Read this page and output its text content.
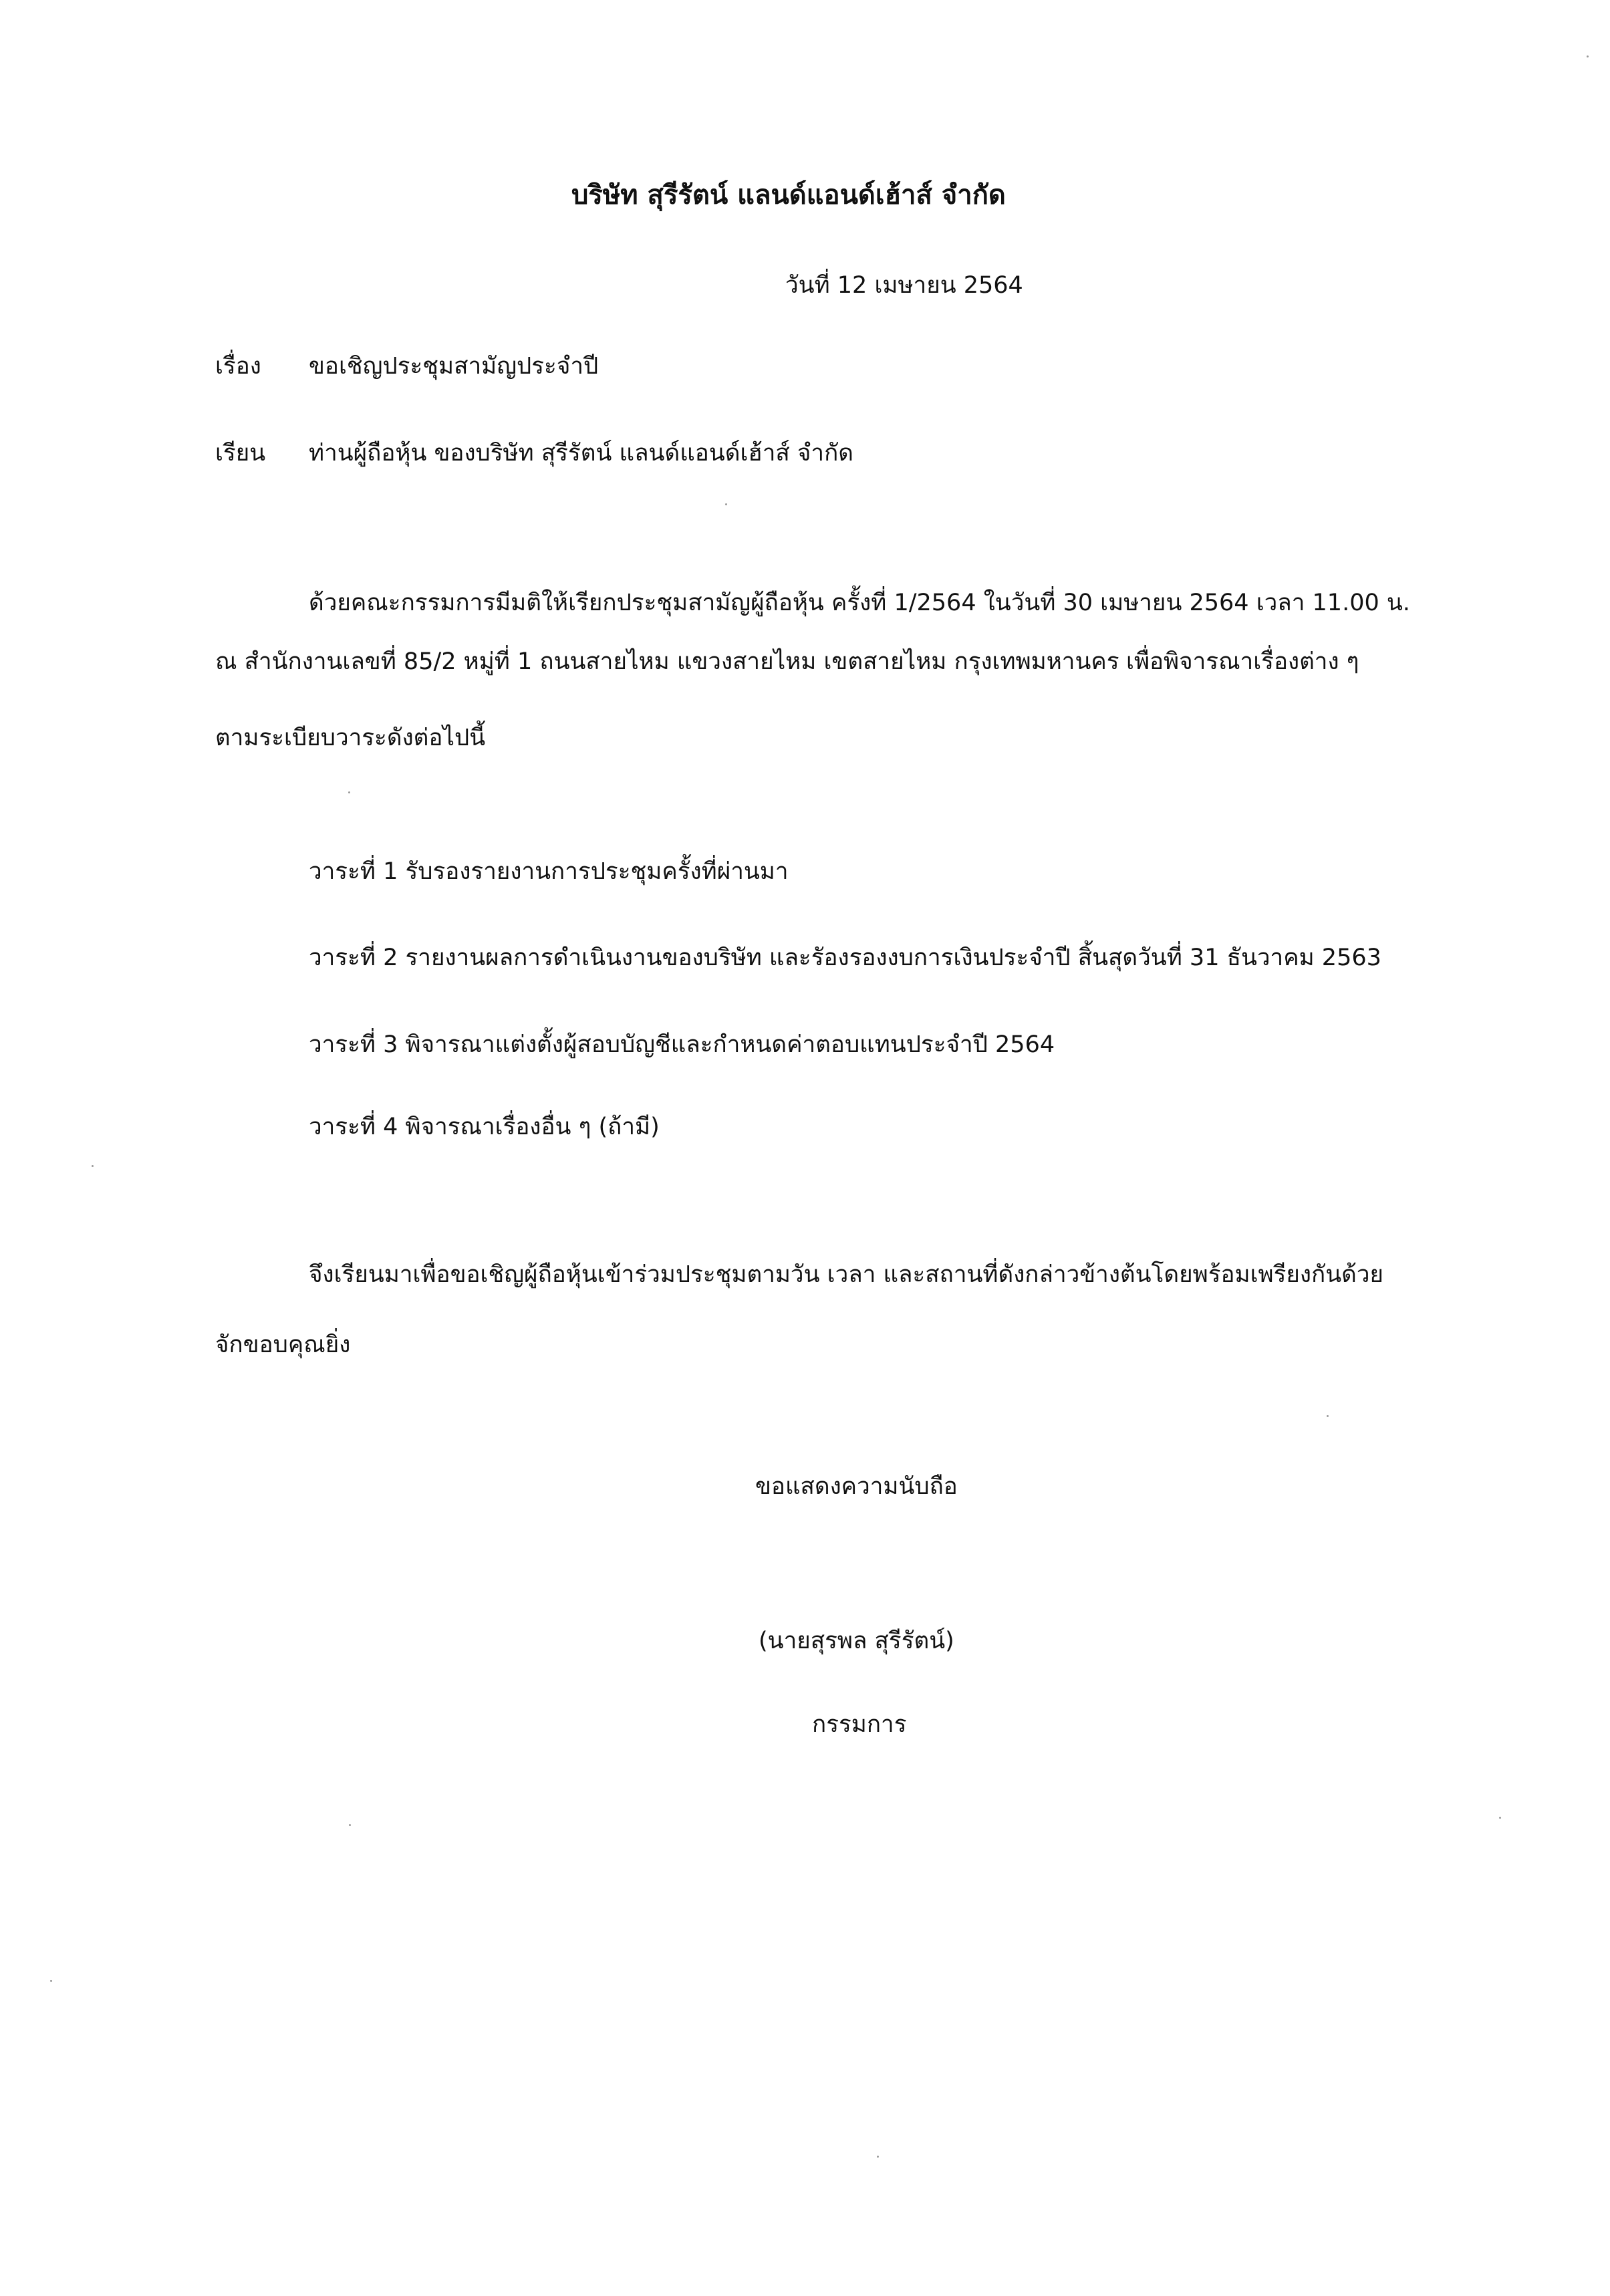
บริษัท สุรีรัตน์ แลนด์แอนด์เฮ้าส์ จำกัด
วันที่ 12 เมษายน 2564
เรื่อง ขอเชิญประชุมสามัญประจำปี
เรียน ท่านผู้ถือหุ้น ของบริษัท สุรีรัตน์ แลนด์แอนด์เฮ้าส์ จำกัด
ด้วยคณะกรรมการมีมติให้เรียกประชุมสามัญผู้ถือหุ้น ครั้งที่ 1/2564 ในวันที่ 30 เมษายน 2564 เวลา 11.00 น.
ณ สำนักงานเลขที่ 85/2 หมู่ที่ 1 ถนนสายไหม แขวงสายไหม เขตสายไหม กรุงเทพมหานคร เพื่อพิจารณาเรื่องต่าง ๆ
ตามระเบียบวาระดังต่อไปนี้
วาระที่ 1 รับรองรายงานการประชุมครั้งที่ผ่านมา
วาระที่ 2 รายงานผลการดำเนินงานของบริษัท และรัองรองงบการเงินประจำปี สิ้นสุดวันที่ 31 ธันวาคม 2563
วาระที่ 3 พิจารณาแต่งตั้งผู้สอบบัญชีและกำหนดค่าตอบแทนประจำปี 2564
วาระที่ 4 พิจารณาเรื่องอื่น ๆ (ถ้ามี)
จึงเรียนมาเพื่อขอเชิญผู้ถือหุ้นเข้าร่วมประชุมตามวัน เวลา และสถานที่ดังกล่าวข้างต้นโดยพร้อมเพรียงกันด้วย
จักขอบคุณยิ่ง
ขอแสดงความนับถือ
(นายสุรพล สุรีรัตน์)
กรรมการ
